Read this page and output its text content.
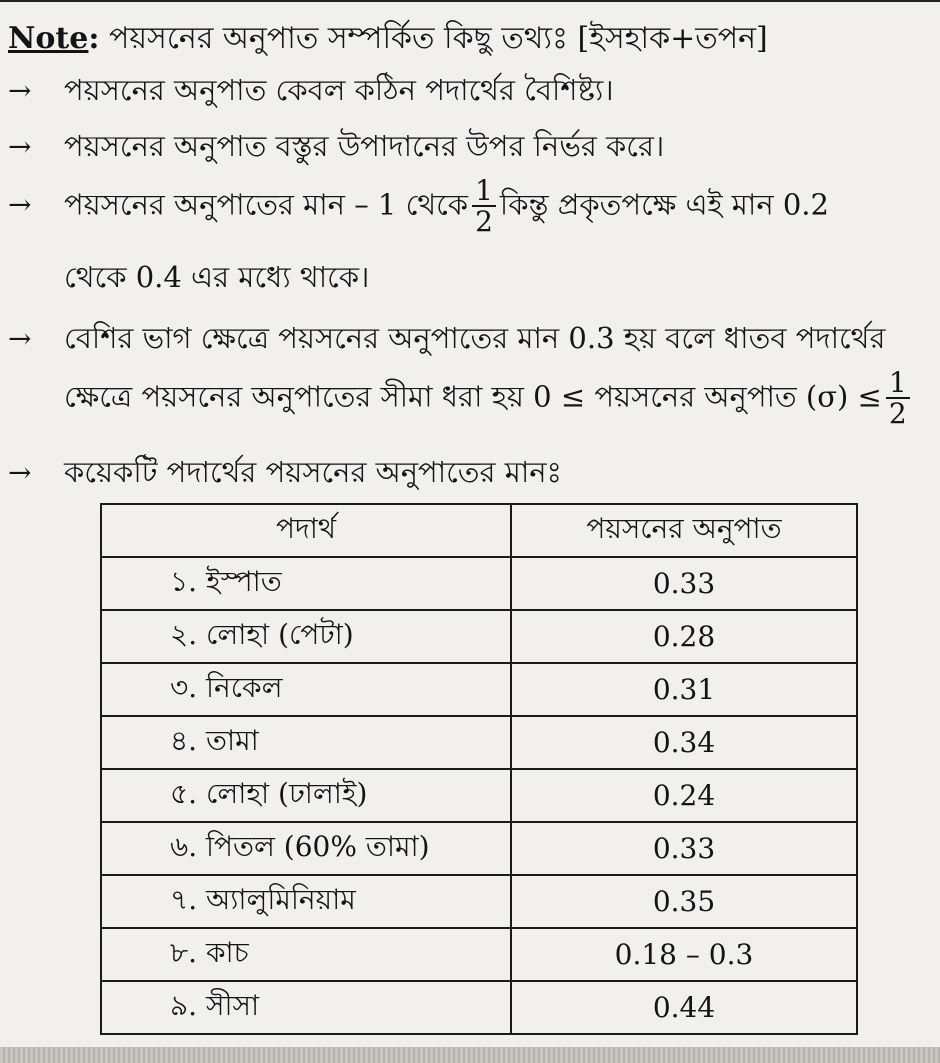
Note: পয়সনের অনুপাত সম্পর্কিত কিছু তথ্যঃ [ইসহাক+তপন]
→ পয়সনের অনুপাত কেবল কঠিন পদার্থের বৈশিষ্ট্য।
→ পয়সনের অনুপাত বস্তুর উপাদানের উপর নির্ভর করে।
→ পয়সনের অনুপাতের মান – 1 থেকে $\frac{1}{2}$ কিন্তু প্রকৃতপক্ষে এই মান 0.2
থেকে 0.4 এর মধ্যে থাকে।
→ বেশির ভাগ ক্ষেত্রে পয়সনের অনুপাতের মান 0.3 হয় বলে ধাতব পদার্থের
ক্ষেত্রে পয়সনের অনুপাতের সীমা ধরা হয় 0 ≤ পয়সনের অনুপাত $(\sigma) \le \frac{1}{2}$
→ কয়েকটি পদার্থের পয়সনের অনুপাতের মানঃ
পদার্থ	পয়সনের অনুপাত
১. ইস্পাত	0.33
২. লোহা (পেটা)	0.28
৩. নিকেল	0.31
৪. তামা	0.34
৫. লোহা (ঢালাই)	0.24
৬. পিতল (60% তামা)	0.33
৭. অ্যালুমিনিয়াম	0.35
৮. কাচ	0.18 – 0.3
৯. সীসা	0.44
